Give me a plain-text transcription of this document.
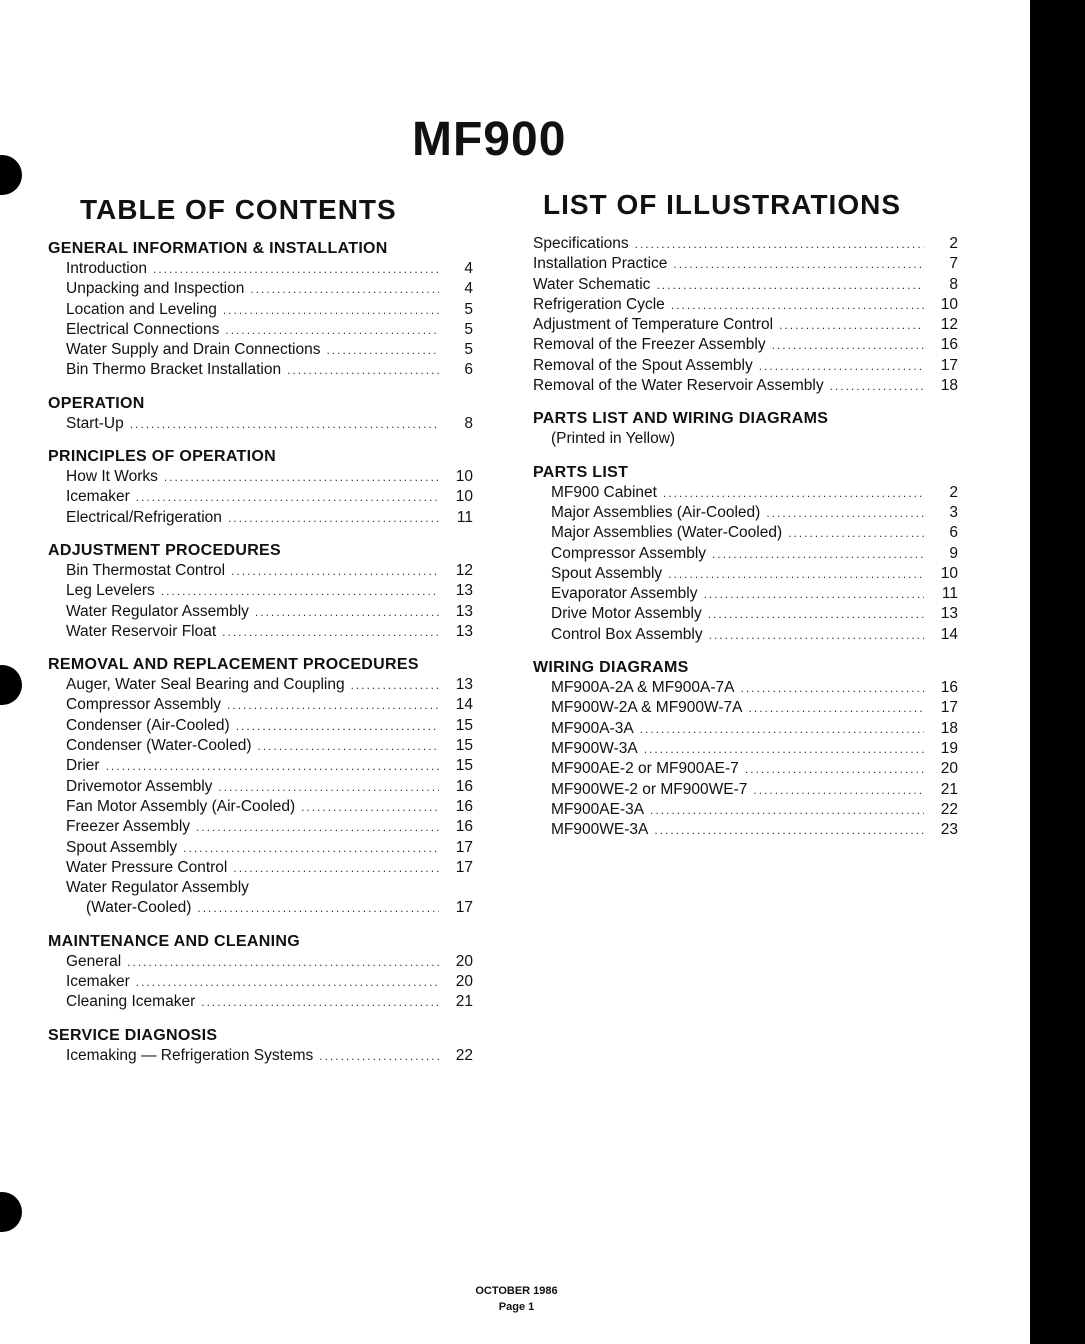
MF900
TABLE OF CONTENTS	LIST OF ILLUSTRATIONS
GENERAL INFORMATION & INSTALLATION
Introduction .....	4
Unpacking and Inspection .....	4
Location and Leveling .....	5
Electrical Connections .....	5
Water Supply and Drain Connections .....	5
Bin Thermo Bracket Installation .....	6
OPERATION
Start-Up .....	8
PRINCIPLES OF OPERATION
How It Works .....	10
Icemaker .....	10
Electrical/Refrigeration .....	11
ADJUSTMENT PROCEDURES
Bin Thermostat Control .....	12
Leg Levelers .....	13
Water Regulator Assembly .....	13
Water Reservoir Float .....	13
REMOVAL AND REPLACEMENT PROCEDURES
Auger, Water Seal Bearing and Coupling .....	13
Compressor Assembly .....	14
Condenser (Air-Cooled) .....	15
Condenser (Water-Cooled) .....	15
Drier .....	15
Drivemotor Assembly .....	16
Fan Motor Assembly (Air-Cooled) .....	16
Freezer Assembly .....	16
Spout Assembly .....	17
Water Pressure Control .....	17
Water Regulator Assembly
(Water-Cooled) .....	17
MAINTENANCE AND CLEANING
General .....	20
Icemaker .....	20
Cleaning Icemaker .....	21
SERVICE DIAGNOSIS
Icemaking — Refrigeration Systems .....	22
Specifications .....	2
Installation Practice .....	7
Water Schematic .....	8
Refrigeration Cycle .....	10
Adjustment of Temperature Control .....	12
Removal of the Freezer Assembly .....	16
Removal of the Spout Assembly .....	17
Removal of the Water Reservoir Assembly .....	18
PARTS LIST AND WIRING DIAGRAMS
(Printed in Yellow)
PARTS LIST
MF900 Cabinet .....	2
Major Assemblies (Air-Cooled) .....	3
Major Assemblies (Water-Cooled) .....	6
Compressor Assembly .....	9
Spout Assembly .....	10
Evaporator Assembly .....	11
Drive Motor Assembly .....	13
Control Box Assembly .....	14
WIRING DIAGRAMS
MF900A-2A & MF900A-7A .....	16
MF900W-2A & MF900W-7A .....	17
MF900A-3A .....	18
MF900W-3A .....	19
MF900AE-2 or MF900AE-7 .....	20
MF900WE-2 or MF900WE-7 .....	21
MF900AE-3A .....	22
MF900WE-3A .....	23
OCTOBER 1986
Page 1
